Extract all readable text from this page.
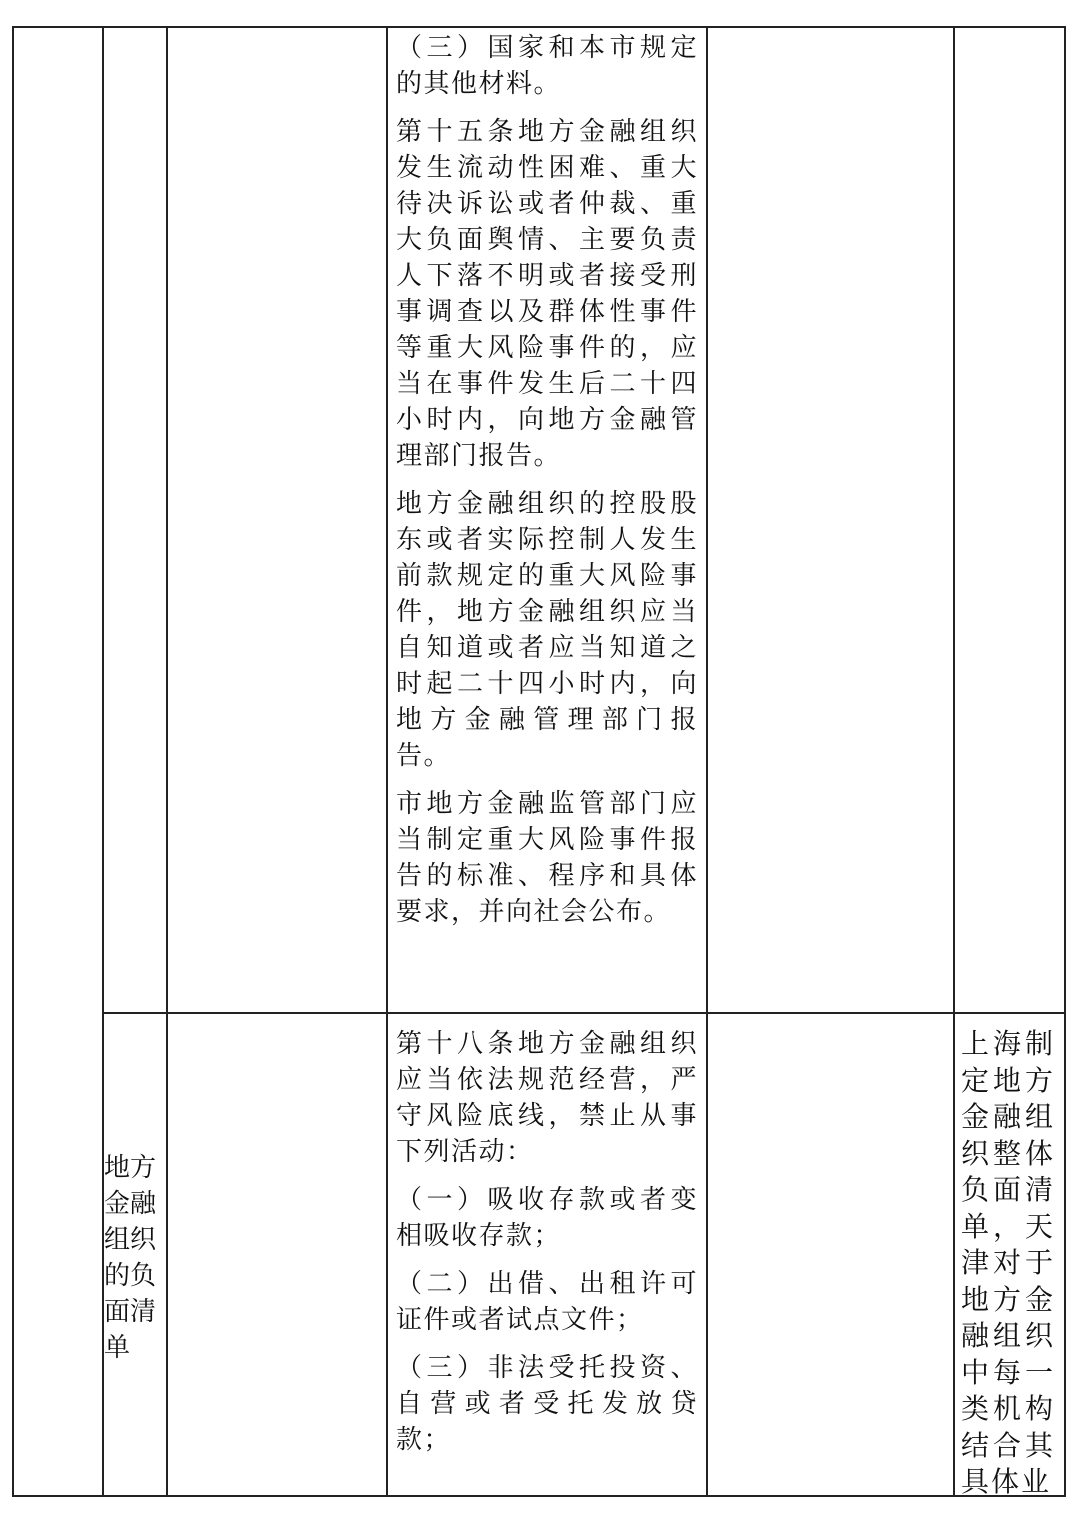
（三）国家和本市规定的其他材料。

第十五条地方金融组织发生流动性困难、重大待决诉讼或者仲裁、重大负面舆情、主要负责人下落不明或者接受刑事调查以及群体性事件等重大风险事件的，应当在事件发生后二十四小时内，向地方金融管理部门报告。

地方金融组织的控股股东或者实际控制人发生前款规定的重大风险事件，地方金融组织应当自知道或者应当知道之时起二十四小时内，向地方金融管理部门报告。

市地方金融监管部门应当制定重大风险事件报告的标准、程序和具体要求，并向社会公布。

地方金融组织的负面清单

第十八条地方金融组织应当依法规范经营，严守风险底线，禁止从事下列活动：

（一）吸收存款或者变相吸收存款；

（二）出借、出租许可证件或者试点文件；

（三）非法受托投资、自营或者受托发放贷款；

上海制定地方金融组织整体负面清单，天津对于地方金融组织中每一类机构结合其具体业
